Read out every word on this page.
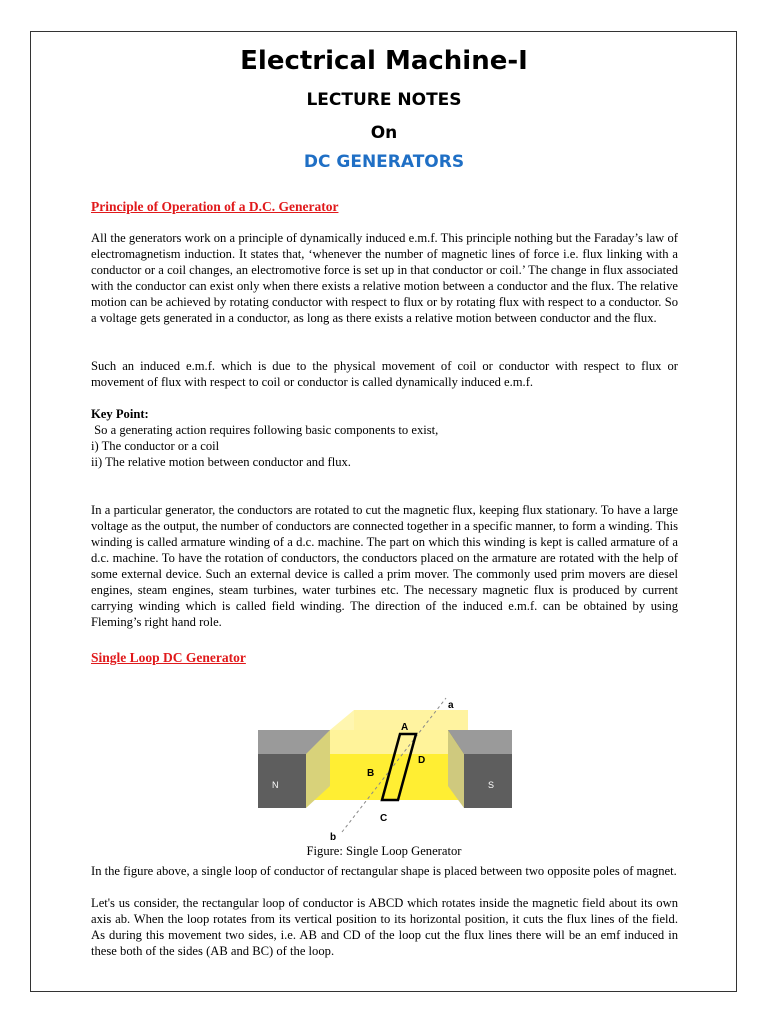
Electrical Machine-I
LECTURE NOTES
On
DC GENERATORS
Principle of Operation of a D.C. Generator

All the generators work on a principle of dynamically induced e.m.f. This principle nothing but the Faraday’s law of electromagnetism induction. It states that, ‘whenever the number of magnetic lines of force i.e. flux linking with a conductor or a coil changes, an electromotive force is set up in that conductor or coil.’ The change in flux associated with the conductor can exist only when there exists a relative motion between a conductor and the flux. The relative motion can be achieved by rotating conductor with respect to flux or by rotating flux with respect to a conductor. So a voltage gets generated in a conductor, as long as there exists a relative motion between conductor and the flux.

Such an induced e.m.f. which is due to the physical movement of coil or conductor with respect to flux or movement of flux with respect to coil or conductor is called dynamically induced e.m.f.

Key Point:

So a generating action requires following basic components to exist,

i) The conductor or a coil

ii) The relative motion between conductor and flux.

In a particular generator, the conductors are rotated to cut the magnetic flux, keeping flux stationary. To have a large voltage as the output, the number of conductors are connected together in a specific manner, to form a winding. This winding is called armature winding of a d.c. machine. The part on which this winding is kept is called armature of a d.c. machine. To have the rotation of conductors, the conductors placed on the armature are rotated with the help of some external device. Such an external device is called a prim mover. The commonly used prim movers are diesel engines, steam engines, steam turbines, water turbines etc. The necessary magnetic flux is produced by current carrying winding which is called field winding. The direction of the induced e.m.f. can be obtained by using Fleming’s right hand role.

Single Loop DC Generator
N	S
a
b
A
B
C
D
Figure: Single Loop Generator

In the figure above, a single loop of conductor of rectangular shape is placed between two opposite poles of magnet.

Let's us consider, the rectangular loop of conductor is ABCD which rotates inside the magnetic field about its own axis ab. When the loop rotates from its vertical position to its horizontal position, it cuts the flux lines of the field. As during this movement two sides, i.e. AB and CD of the loop cut the flux lines there will be an emf induced in these both of the sides (AB and BC) of the loop.
